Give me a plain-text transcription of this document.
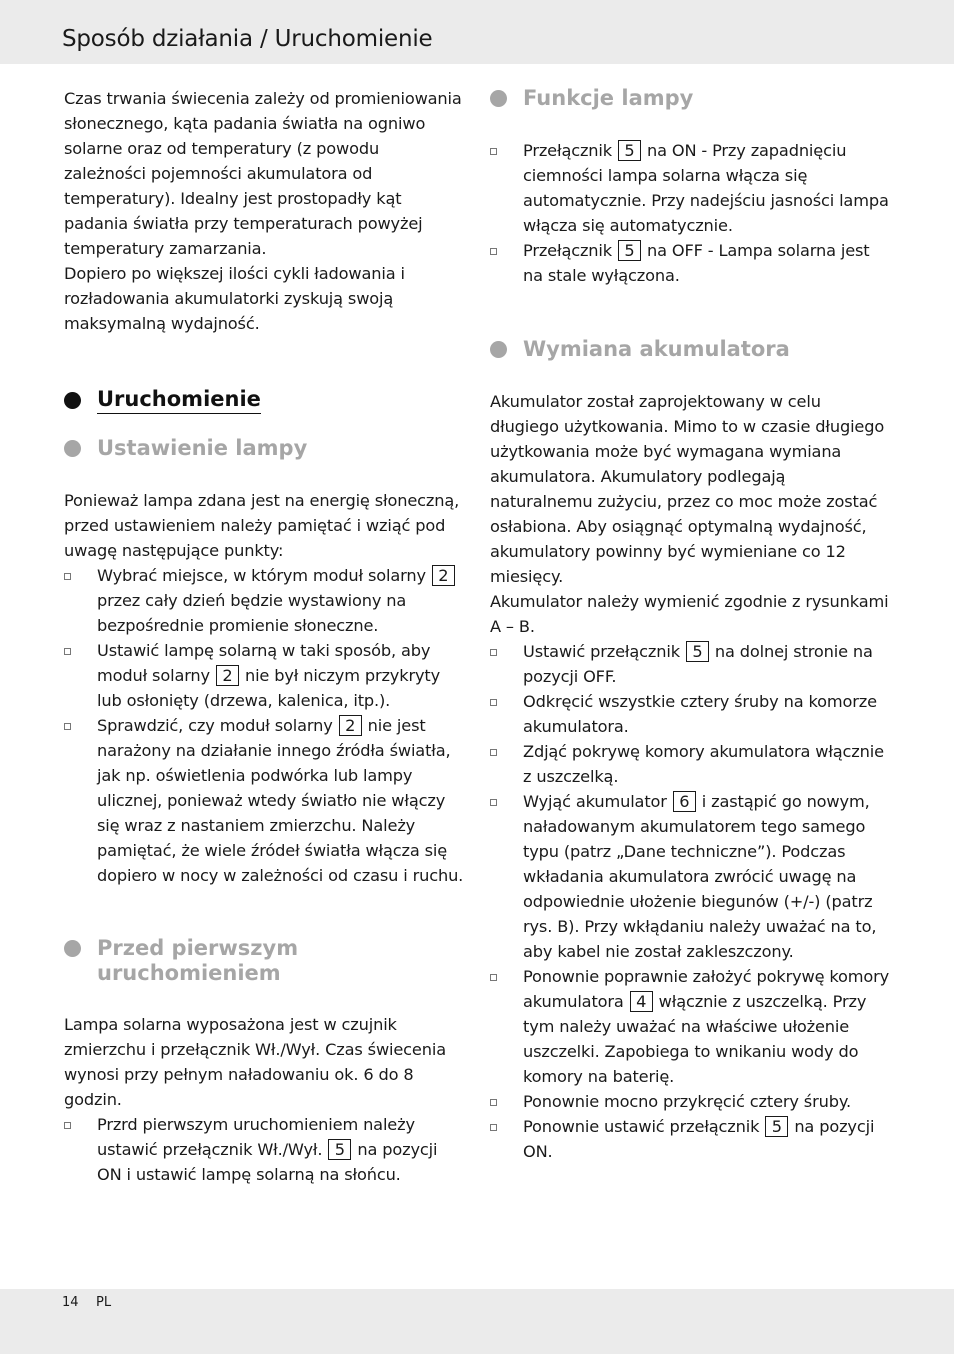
Sposób działania / Uruchomienie

Czas trwania świecenia zależy od promieniowania słonecznego, kąta padania światła na ogniwo solarne oraz od temperatury (z powodu zależności pojemności akumulatora od temperatury). Idealny jest prostopadły kąt padania światła przy temperaturach powyżej temperatury zamarzania.

Dopiero po większej ilości cykli ładowania i rozładowania akumulatorki zyskują swoją maksymalną wydajność.

Uruchomienie
Ustawienie lampy

Ponieważ lampa zdana jest na energię słoneczną, przed ustawieniem należy pamiętać i wziąć pod uwagę następujące punkty:

Wybrać miejsce, w którym moduł solarny 2 przez cały dzień będzie wystawiony na bezpośrednie promienie słoneczne.
Ustawić lampę solarną w taki sposób, aby moduł solarny 2 nie był niczym przykryty lub osłonięty (drzewa, kalenica, itp.).
Sprawdzić, czy moduł solarny 2 nie jest narażony na działanie innego źródła światła, jak np. oświetlenia podwórka lub lampy ulicznej, ponieważ wtedy światło nie włączy się wraz z nastaniem zmierzchu. Należy pamiętać, że wiele źródeł światła włącza się dopiero w nocy w zależności od czasu i ruchu.
Przed pierwszym
uruchomieniem

Lampa solarna wyposażona jest w czujnik zmierzchu i przełącznik Wł./Wył. Czas świecenia wynosi przy pełnym naładowaniu ok. 6 do 8 godzin.

Przrd pierwszym uruchomieniem należy ustawić przełącznik Wł./Wył. 5 na pozycji ON i ustawić lampę solarną na słońcu.
Funkcje lampy
Przełącznik 5 na ON - Przy zapadnięciu ciemności lampa solarna włącza się automatycznie. Przy nadejściu jasności lampa włącza się automatycznie.
Przełącznik 5 na OFF - Lampa solarna jest na stale wyłączona.
Wymiana akumulatora

Akumulator został zaprojektowany w celu długiego użytkowania. Mimo to w czasie długiego użytkowania może być wymagana wymiana akumulatora. Akumulatory podlegają naturalnemu zużyciu, przez co moc może zostać osłabiona. Aby osiągnąć optymalną wydajność, akumulatory powinny być wymieniane co 12 miesięcy.

Akumulator należy wymienić zgodnie z rysunkami A – B.

Ustawić przełącznik 5 na dolnej stronie na pozycji OFF.
Odkręcić wszystkie cztery śruby na komorze akumulatora.
Zdjąć pokrywę komory akumulatora włącznie z uszczelką.
Wyjąć akumulator 6 i zastąpić go nowym, naładowanym akumulatorem tego samego typu (patrz „Dane techniczne”). Podczas wkładania akumulatora zwrócić uwagę na odpowiednie ułożenie biegunów (+/-) (patrz rys. B). Przy wkłądaniu należy uważać na to, aby kabel nie został zakleszczony.
Ponownie poprawnie założyć pokrywę komory akumulatora 4 włącznie z uszczelką. Przy tym należy uważać na właściwe ułożenie uszczelki. Zapobiega to wnikaniu wody do komory na baterię.
Ponownie mocno przykręcić cztery śruby.
Ponownie ustawić przełącznik 5 na pozycji ON.
14 PL
